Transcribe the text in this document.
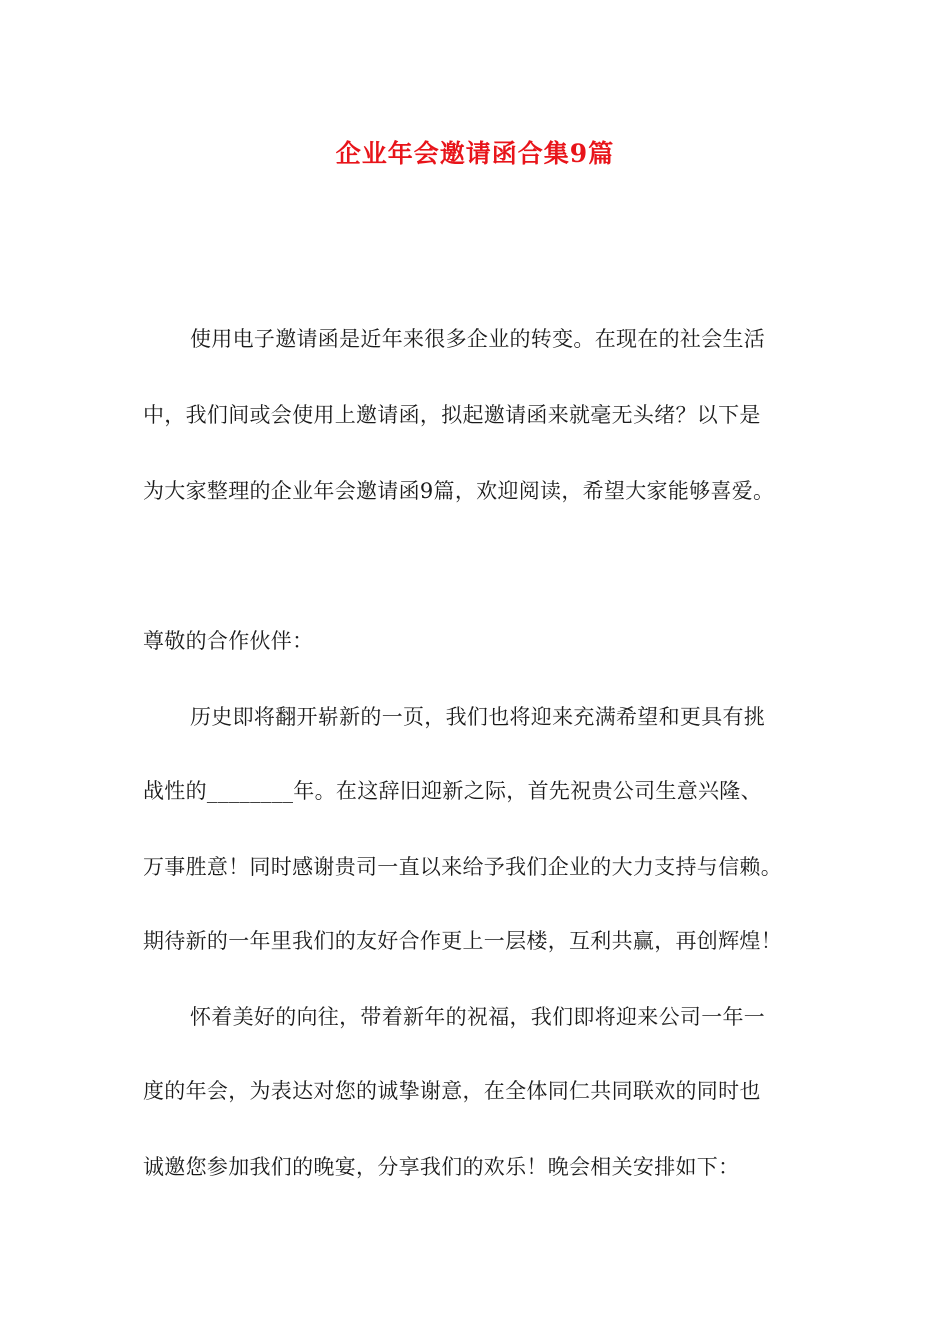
企业年会邀请函合集9篇
使用电子邀请函是近年来很多企业的转变。在现在的社会生活
中，我们间或会使用上邀请函，拟起邀请函来就毫无头绪？以下是
为大家整理的企业年会邀请函9篇，欢迎阅读，希望大家能够喜爱。
尊敬的合作伙伴：
历史即将翻开崭新的一页，我们也将迎来充满希望和更具有挑
战性的________年。在这辞旧迎新之际，首先祝贵公司生意兴隆、
万事胜意！同时感谢贵司一直以来给予我们企业的大力支持与信赖。
期待新的一年里我们的友好合作更上一层楼，互利共赢，再创辉煌！
怀着美好的向往，带着新年的祝福，我们即将迎来公司一年一
度的年会，为表达对您的诚挚谢意，在全体同仁共同联欢的同时也
诚邀您参加我们的晚宴，分享我们的欢乐！晚会相关安排如下：
